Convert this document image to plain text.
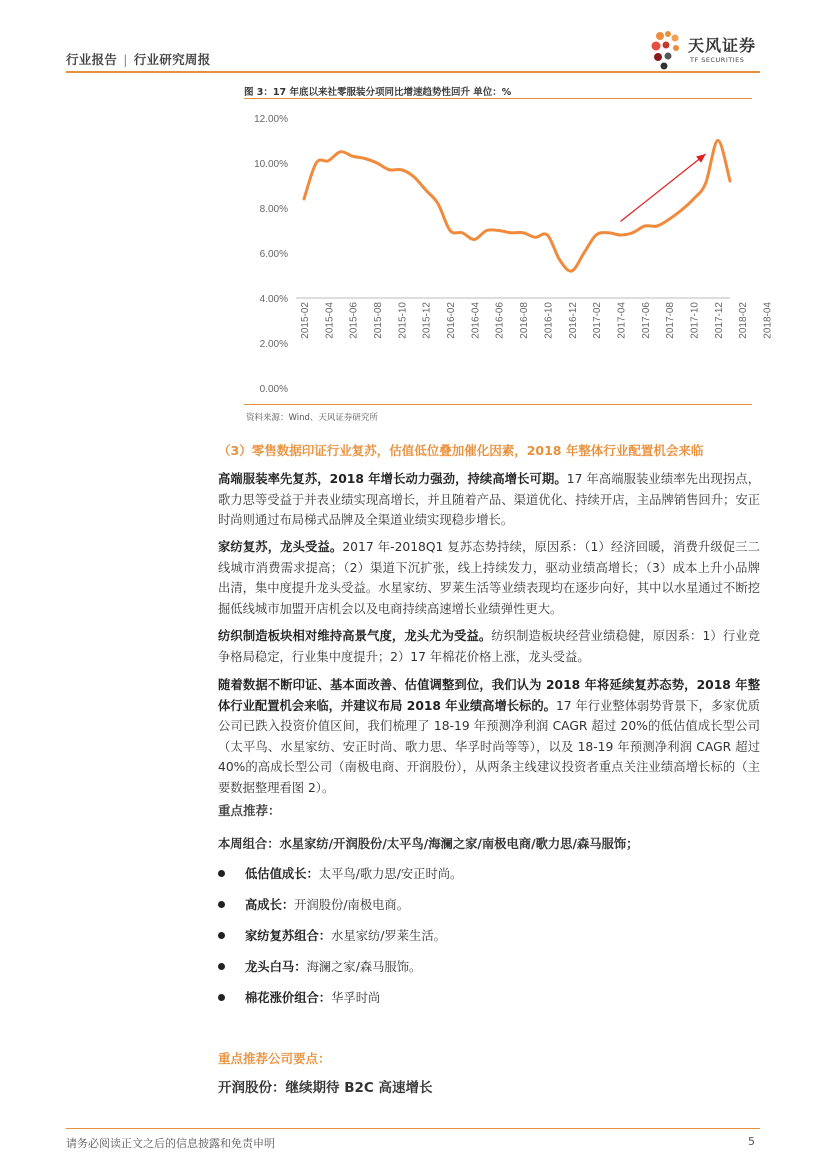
行业报告 | 行业研究周报
天风证券
TF SECURITIES
图 3：17 年底以来社零服装分项同比增速趋势性回升 单位：%
0.00%
2.00%
4.00%
6.00%
8.00%
10.00%
12.00%
2015-02 2015-04 2015-06 2015-08 2015-10 2015-12 2016-02 2016-04 2016-06 2016-08 2016-10 2016-12 2017-02 2017-04 2017-06 2017-08 2017-10 2017-12 2018-02 2018-04
资料来源：Wind、天风证券研究所
（3）零售数据印证行业复苏，估值低位叠加催化因素，2018 年整体行业配置机会来临
高端服装率先复苏，2018 年增长动力强劲，持续高增长可期。17 年高端服装业绩率先出现拐点，歌力思等受益于并表业绩实现高增长，并且随着产品、渠道优化、持续开店，主品牌销售回升；安正时尚则通过布局梯式品牌及全渠道业绩实现稳步增长。
家纺复苏，龙头受益。2017 年-2018Q1 复苏态势持续，原因系：（1）经济回暖，消费升级促三二线城市消费需求提高；（2）渠道下沉扩张，线上持续发力，驱动业绩高增长；（3）成本上升小品牌出清，集中度提升龙头受益。水星家纺、罗莱生活等业绩表现均在逐步向好，其中以水星通过不断挖掘低线城市加盟开店机会以及电商持续高速增长业绩弹性更大。
纺织制造板块相对维持高景气度，龙头尤为受益。纺织制造板块经营业绩稳健，原因系：1）行业竞争格局稳定，行业集中度提升；2）17 年棉花价格上涨，龙头受益。
随着数据不断印证、基本面改善、估值调整到位，我们认为 2018 年将延续复苏态势，2018 年整体行业配置机会来临，并建议布局 2018 年业绩高增长标的。17 年行业整体弱势背景下，多家优质公司已跌入投资价值区间，我们梳理了 18-19 年预测净利润 CAGR 超过 20%的低估值成长型公司（太平鸟、水星家纺、安正时尚、歌力思、华孚时尚等等），以及 18-19 年预测净利润 CAGR 超过 40%的高成长型公司（南极电商、开润股份），从两条主线建议投资者重点关注业绩高增长标的（主要数据整理看图 2）。
重点推荐：
本周组合：水星家纺/开润股份/太平鸟/海澜之家/南极电商/歌力思/森马服饰；
低估值成长：太平鸟/歌力思/安正时尚。
高成长：开润股份/南极电商。
家纺复苏组合：水星家纺/罗莱生活。
龙头白马：海澜之家/森马服饰。
棉花涨价组合：华孚时尚
重点推荐公司要点：
开润股份：继续期待 B2C 高速增长
请务必阅读正文之后的信息披露和免责申明	5
